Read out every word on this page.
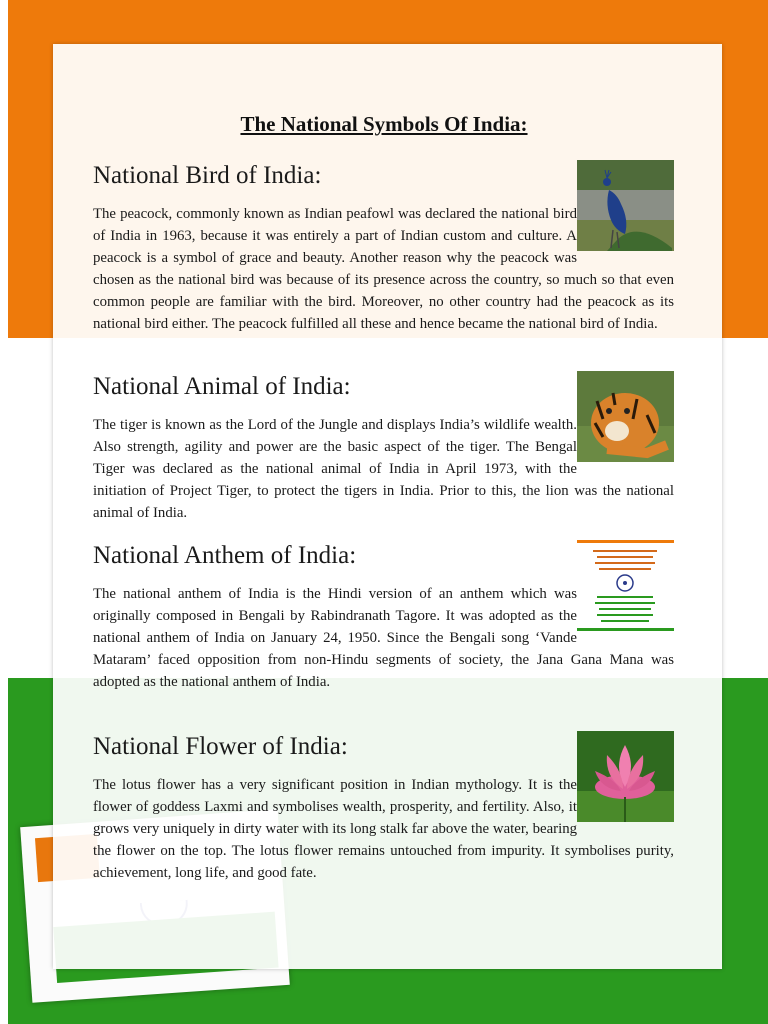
The National Symbols Of India:
National Bird of India:

The peacock, commonly known as Indian peafowl was declared the national bird of India in 1963, because it was entirely a part of Indian custom and culture. A peacock is a symbol of grace and beauty. Another reason why the peacock was chosen as the national bird was because of its presence across the country, so much so that even common people are familiar with the bird. Moreover, no other country had the peacock as its national bird either. The peacock fulfilled all these and hence became the national bird of India.

National Animal of India:

The tiger is known as the Lord of the Jungle and displays India’s wildlife wealth. Also strength, agility and power are the basic aspect of the tiger. The Bengal Tiger was declared as the national animal of India in April 1973, with the initiation of Project Tiger, to protect the tigers in India. Prior to this, the lion was the national animal of India.

National Anthem of India:

The national anthem of India is the Hindi version of an anthem which was originally composed in Bengali by Rabindranath Tagore. It was adopted as the national anthem of India on January 24, 1950. Since the Bengali song ‘Vande Mataram’ faced opposition from non-Hindu segments of society, the Jana Gana Mana was adopted as the national anthem of India.

National Flower of India:

The lotus flower has a very significant position in Indian mythology. It is the flower of goddess Laxmi and symbolises wealth, prosperity, and fertility. Also, it grows very uniquely in dirty water with its long stalk far above the water, bearing the flower on the top. The lotus flower remains untouched from impurity. It symbolises purity, achievement, long life, and good fate.
